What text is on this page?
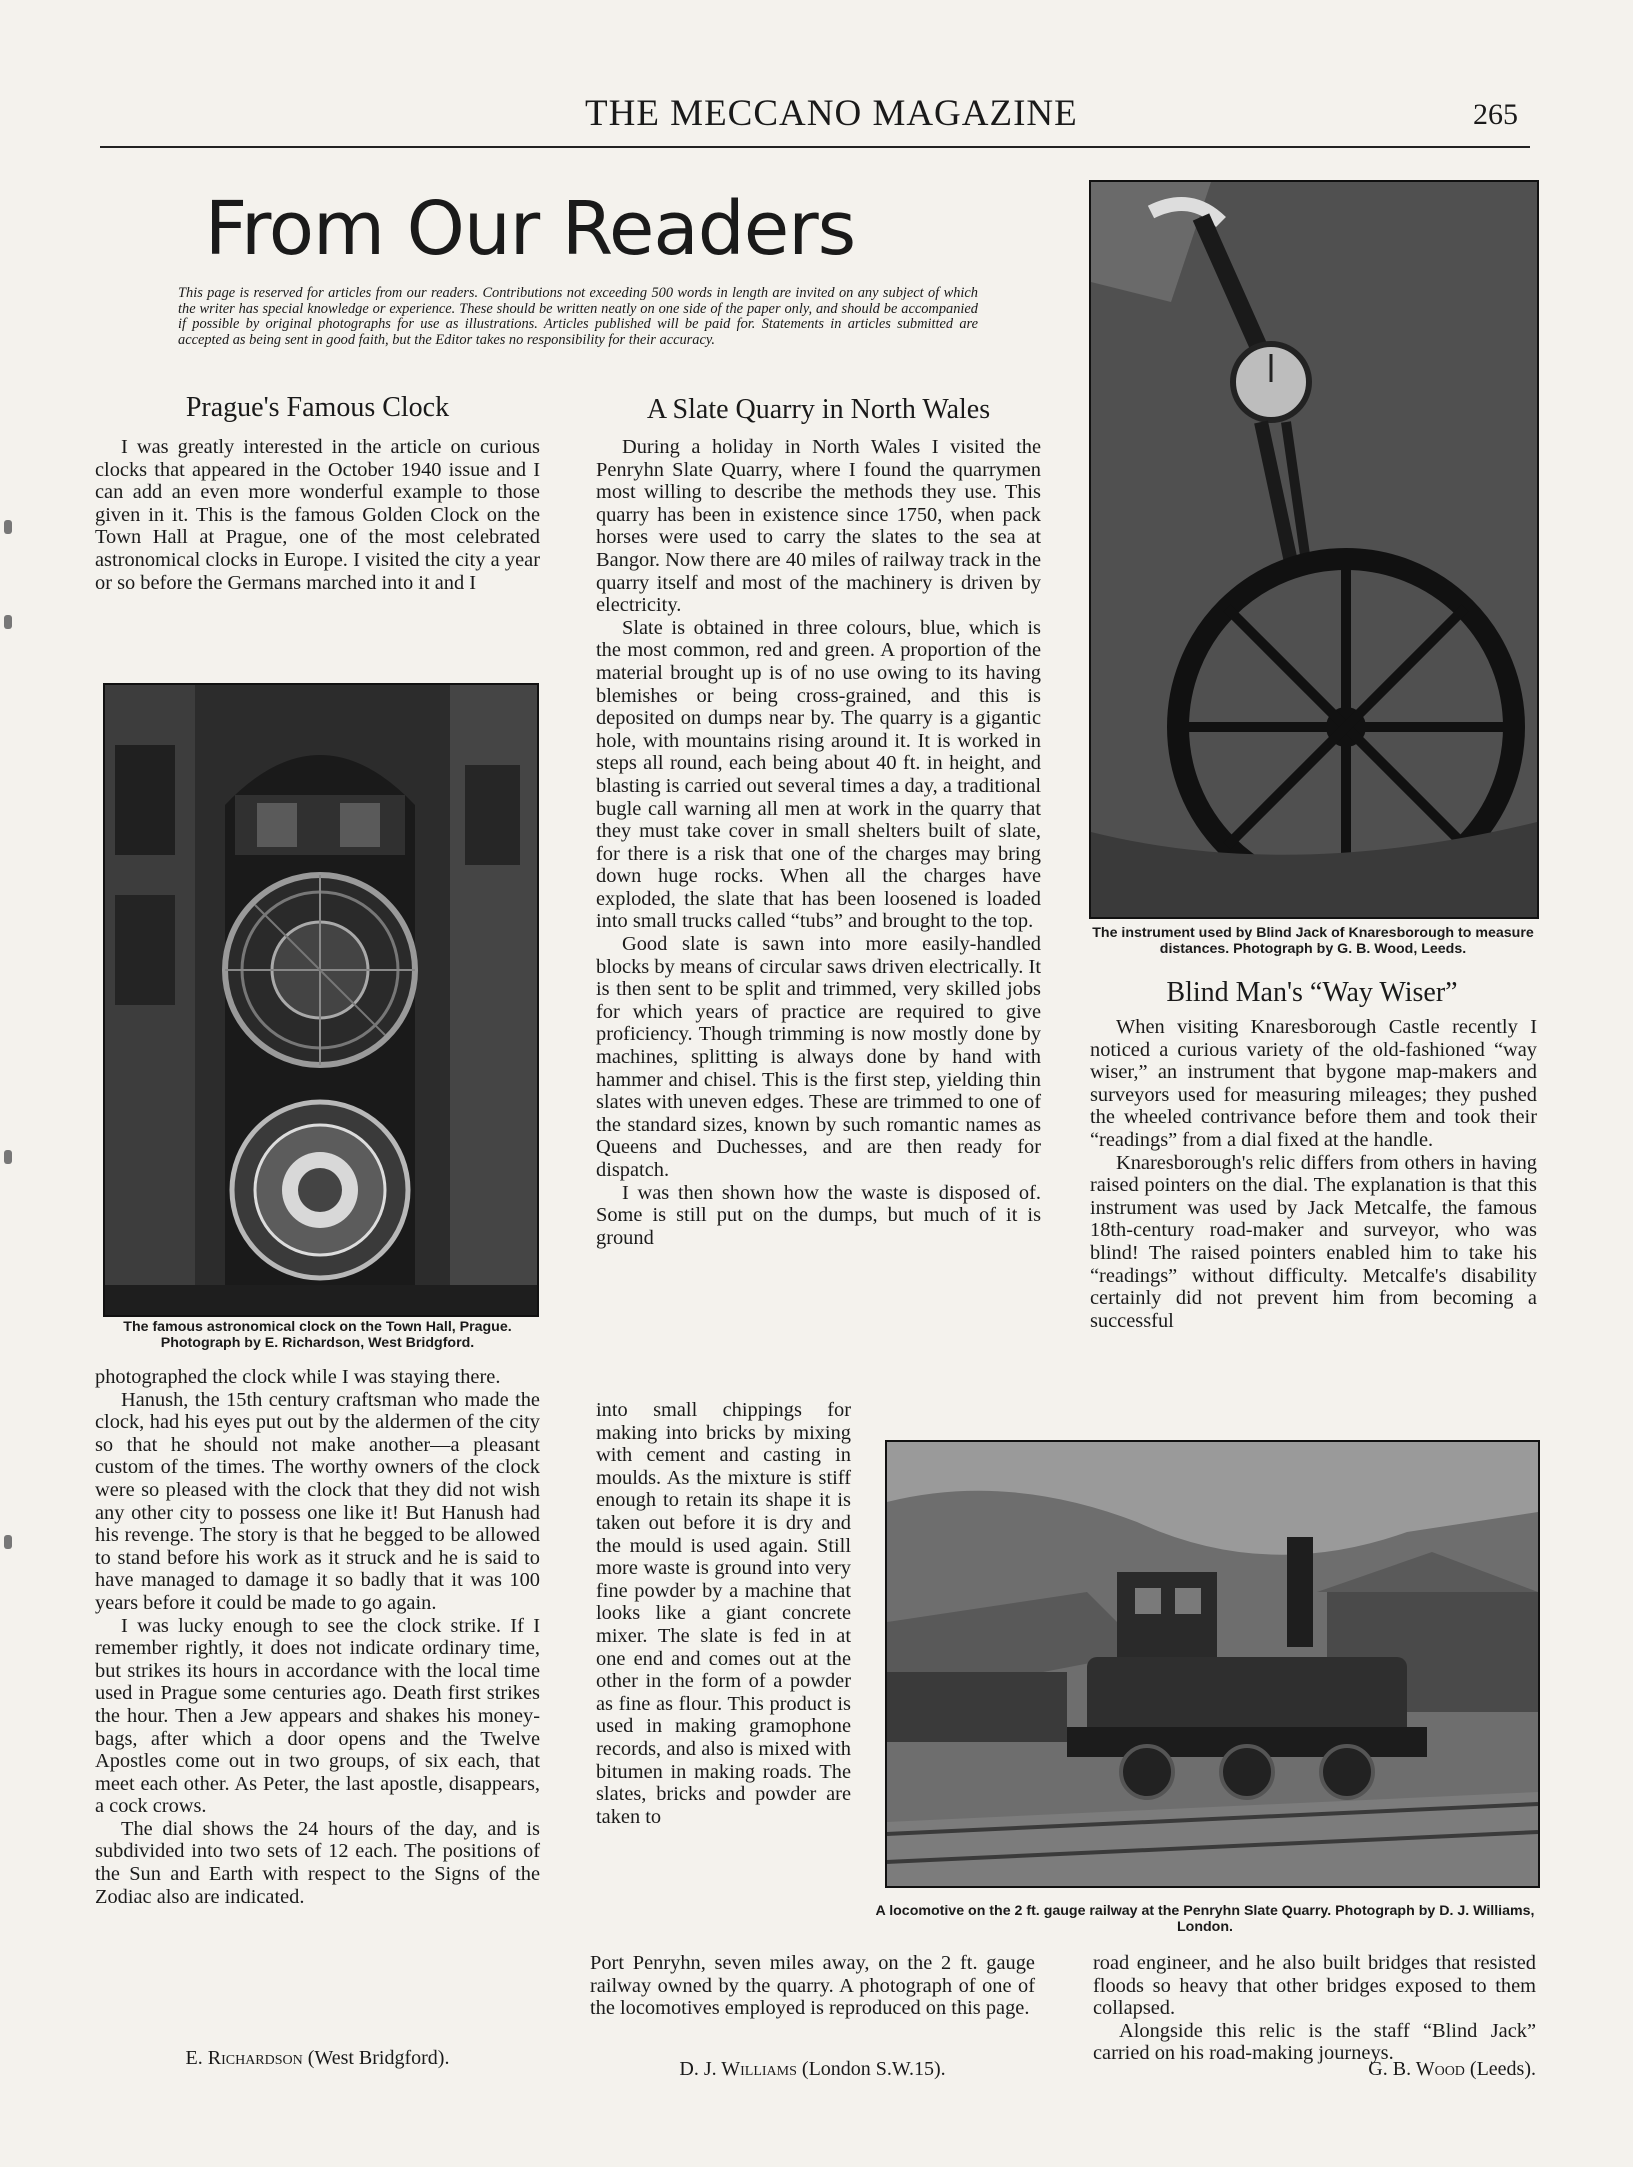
THE MECCANO MAGAZINE	265
From Our Readers
This page is reserved for articles from our readers. Contributions not exceeding 500 words in length are invited on any subject of which the writer has special knowledge or experience. These should be written neatly on one side of the paper only, and should be accompanied if possible by original photographs for use as illustrations. Articles published will be paid for. Statements in articles submitted are accepted as being sent in good faith, but the Editor takes no responsibility for their accuracy.
Prague's Famous Clock

I was greatly interested in the article on curious clocks that appeared in the October 1940 issue and I can add an even more wonderful example to those given in it. This is the famous Golden Clock on the Town Hall at Prague, one of the most celebrated astronomical clocks in Europe. I visited the city a year or so before the Germans marched into it and I

The famous astronomical clock on the Town Hall, Prague. Photograph by E. Richardson, West Bridgford.

photographed the clock while I was staying there.

Hanush, the 15th century craftsman who made the clock, had his eyes put out by the aldermen of the city so that he should not make another—a pleasant custom of the times. The worthy owners of the clock were so pleased with the clock that they did not wish any other city to possess one like it! But Hanush had his revenge. The story is that he begged to be allowed to stand before his work as it struck and he is said to have managed to damage it so badly that it was 100 years before it could be made to go again.

I was lucky enough to see the clock strike. If I remember rightly, it does not indicate ordinary time, but strikes its hours in accordance with the local time used in Prague some centuries ago. Death first strikes the hour. Then a Jew appears and shakes his money-bags, after which a door opens and the Twelve Apostles come out in two groups, of six each, that meet each other. As Peter, the last apostle, disappears, a cock crows.

The dial shows the 24 hours of the day, and is subdivided into two sets of 12 each. The positions of the Sun and Earth with respect to the Signs of the Zodiac also are indicated.

E. Richardson (West Bridgford).
A Slate Quarry in North Wales

During a holiday in North Wales I visited the Penryhn Slate Quarry, where I found the quarrymen most willing to describe the methods they use. This quarry has been in existence since 1750, when pack horses were used to carry the slates to the sea at Bangor. Now there are 40 miles of railway track in the quarry itself and most of the machinery is driven by electricity.

Slate is obtained in three colours, blue, which is the most common, red and green. A proportion of the material brought up is of no use owing to its having blemishes or being cross-grained, and this is deposited on dumps near by. The quarry is a gigantic hole, with mountains rising around it. It is worked in steps all round, each being about 40 ft. in height, and blasting is carried out several times a day, a traditional bugle call warning all men at work in the quarry that they must take cover in small shelters built of slate, for there is a risk that one of the charges may bring down huge rocks. When all the charges have exploded, the slate that has been loosened is loaded into small trucks called “tubs” and brought to the top.

Good slate is sawn into more easily-handled blocks by means of circular saws driven electrically. It is then sent to be split and trimmed, very skilled jobs for which years of practice are required to give proficiency. Though trimming is now mostly done by machines, splitting is always done by hand with hammer and chisel. This is the first step, yielding thin slates with uneven edges. These are trimmed to one of the standard sizes, known by such romantic names as Queens and Duchesses, and are then ready for dispatch.

I was then shown how the waste is disposed of. Some is still put on the dumps, but much of it is ground

into small chippings for making into bricks by mixing with cement and casting in moulds. As the mixture is stiff enough to retain its shape it is taken out before it is dry and the mould is used again. Still more waste is ground into very fine powder by a machine that looks like a giant concrete mixer. The slate is fed in at one end and comes out at the other in the form of a powder as fine as flour. This product is used in making gramophone records, and also is mixed with bitumen in making roads. The slates, bricks and powder are taken to

Port Penryhn, seven miles away, on the 2 ft. gauge railway owned by the quarry. A photograph of one of the locomotives employed is reproduced on this page.

D. J. Williams (London S.W.15).
The instrument used by Blind Jack of Knaresborough to measure distances. Photograph by G. B. Wood, Leeds.
Blind Man's “Way Wiser”

When visiting Knaresborough Castle recently I noticed a curious variety of the old-fashioned “way wiser,” an instrument that bygone map-makers and surveyors used for measuring mileages; they pushed the wheeled contrivance before them and took their “readings” from a dial fixed at the handle.

Knaresborough's relic differs from others in having raised pointers on the dial. The explanation is that this instrument was used by Jack Metcalfe, the famous 18th-century road-maker and surveyor, who was blind! The raised pointers enabled him to take his “readings” without difficulty. Metcalfe's disability certainly did not prevent him from becoming a successful

A locomotive on the 2 ft. gauge railway at the Penryhn Slate Quarry. Photograph by D. J. Williams, London.

road engineer, and he also built bridges that resisted floods so heavy that other bridges exposed to them collapsed.

Alongside this relic is the staff “Blind Jack” carried on his road-making journeys.

G. B. Wood (Leeds).
